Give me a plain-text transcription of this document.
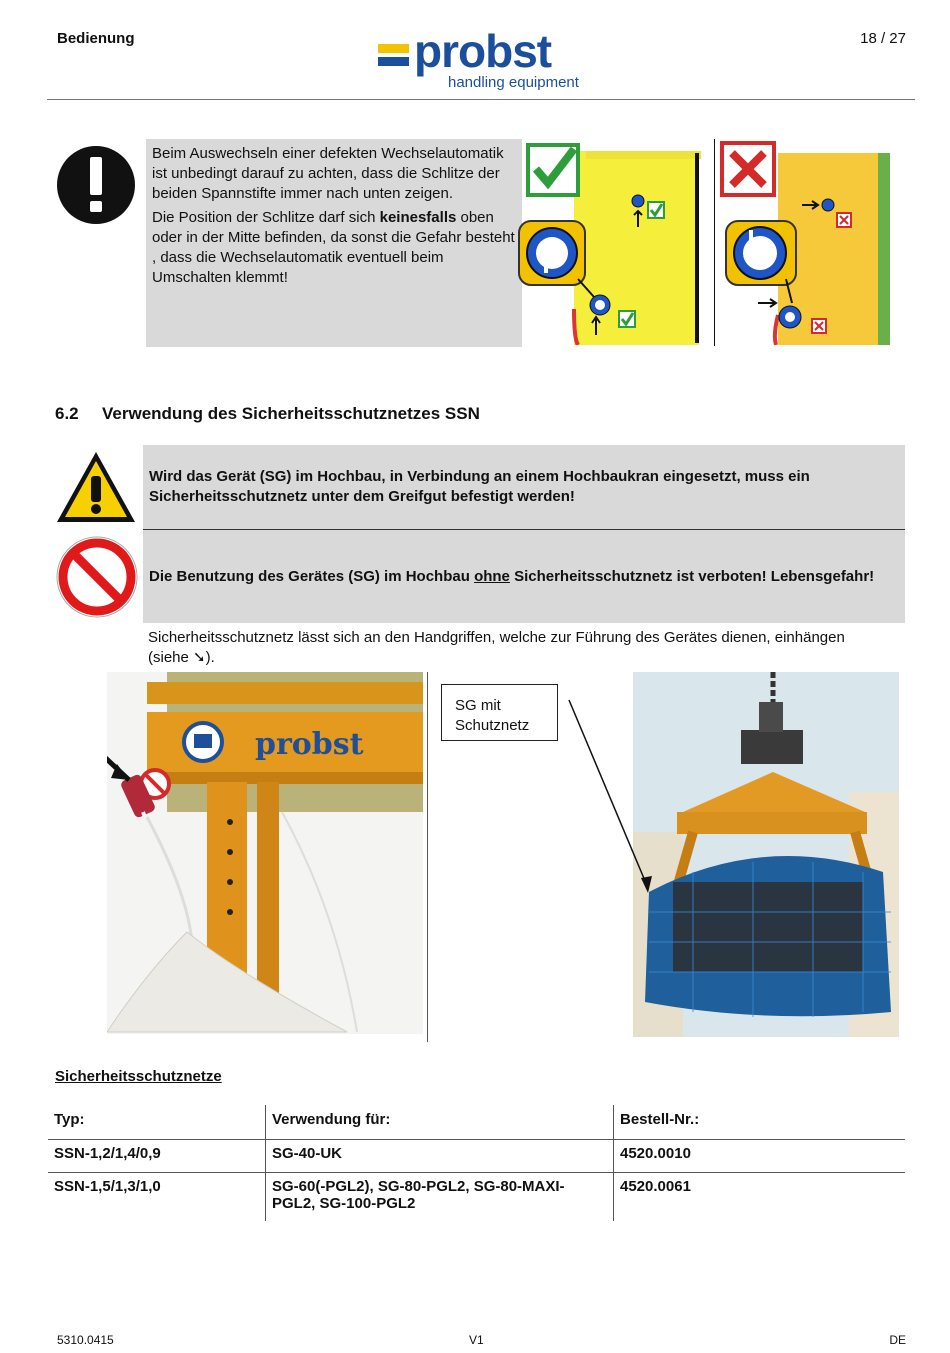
Bedienung	18 / 27
probst
handling equipment

Beim Auswechseln einer defekten Wechselautomatik ist unbedingt darauf zu achten, dass die Schlitze der beiden Spannstifte immer nach unten zeigen.

Die Position der Schlitze darf sich keinesfalls oben oder in der Mitte befinden, da sonst die Gefahr besteht , dass die Wechselautomatik eventuell beim Umschalten klemmt!

6.2 Verwendung des Sicherheitsschutznetzes SSN
Wird das Gerät (SG) im Hochbau, in Verbindung an einem Hochbaukran eingesetzt, muss ein Sicherheitsschutznetz unter dem Greifgut befestigt werden!
Die Benutzung des Gerätes (SG) im Hochbau ohne Sicherheitsschutznetz ist verboten! Lebensgefahr!
Sicherheitsschutznetz lässt sich an den Handgriffen, welche zur Führung des Gerätes dienen, einhängen (siehe ➘).
probst
SG mit
Schutznetz
Sicherheitsschutznetze
Typ:	Verwendung für:	Bestell-Nr.:
SSN-1,2/1,4/0,9	SG-40-UK	4520.0010
SSN-1,5/1,3/1,0	SG-60(-PGL2), SG-80-PGL2, SG-80-MAXI-PGL2, SG-100-PGL2	4520.0061
5310.0415	V1	DE
